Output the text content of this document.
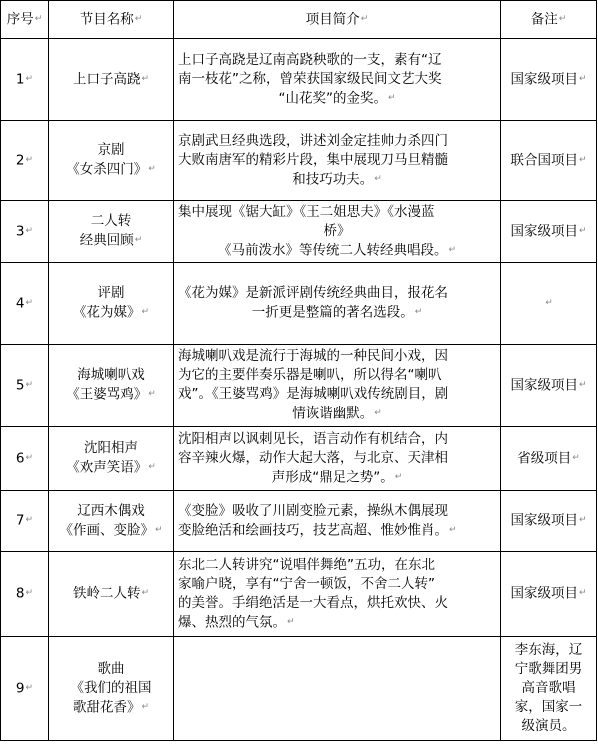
序号↵	节目名称↵	项目简介↵	备注↵
1↵	上口子高跷↵	上口子高跷是辽南高跷秧歌的一支，素有“辽
南一枝花”之称，曾荣获国家级民间文艺大奖
“山花奖”的金奖。↵	国家级项目↵
2↵	京剧
《女杀四门》↵	京剧武旦经典选段，讲述刘金定挂帅力杀四门
大败南唐军的精彩片段，集中展现刀马旦精髓
和技巧功夫。↵	联合国项目↵
3↵	二人转
经典回顾↵	集中展现《锯大缸》《王二姐思夫》《水漫蓝
桥》
《马前泼水》等传统二人转经典唱段。↵	国家级项目↵
4↵	评剧
《花为媒》↵	《花为媒》是新派评剧传统经典曲目，报花名
一折更是整篇的著名选段。↵	↵
5↵	海城喇叭戏
《王婆骂鸡》↵	海城喇叭戏是流行于海城的一种民间小戏，因
为它的主要伴奏乐器是喇叭，所以得名“喇叭
戏”。《王婆骂鸡》是海城喇叭戏传统剧目，剧
情诙谐幽默。↵	国家级项目↵
6↵	沈阳相声
《欢声笑语》↵	沈阳相声以讽刺见长，语言动作有机结合，内
容辛辣火爆，动作大起大落，与北京、天津相
声形成“鼎足之势”。↵	省级项目↵
7↵	辽西木偶戏
《作画、变脸》↵	《变脸》吸收了川剧变脸元素，操纵木偶展现
变脸绝活和绘画技巧，技艺高超、惟妙惟肖。↵	国家级项目↵
8↵	铁岭二人转↵	东北二人转讲究“说唱伴舞绝”五功，在东北
家喻户晓，享有“宁舍一顿饭，不舍二人转”
的美誉。手绢绝活是一大看点，烘托欢快、火
爆、热烈的气氛。↵	国家级项目↵
9↵	歌曲
《我们的祖国
歌甜花香》↵		李东海，辽
宁歌舞团男
高音歌唱
家，国家一
级演员。
